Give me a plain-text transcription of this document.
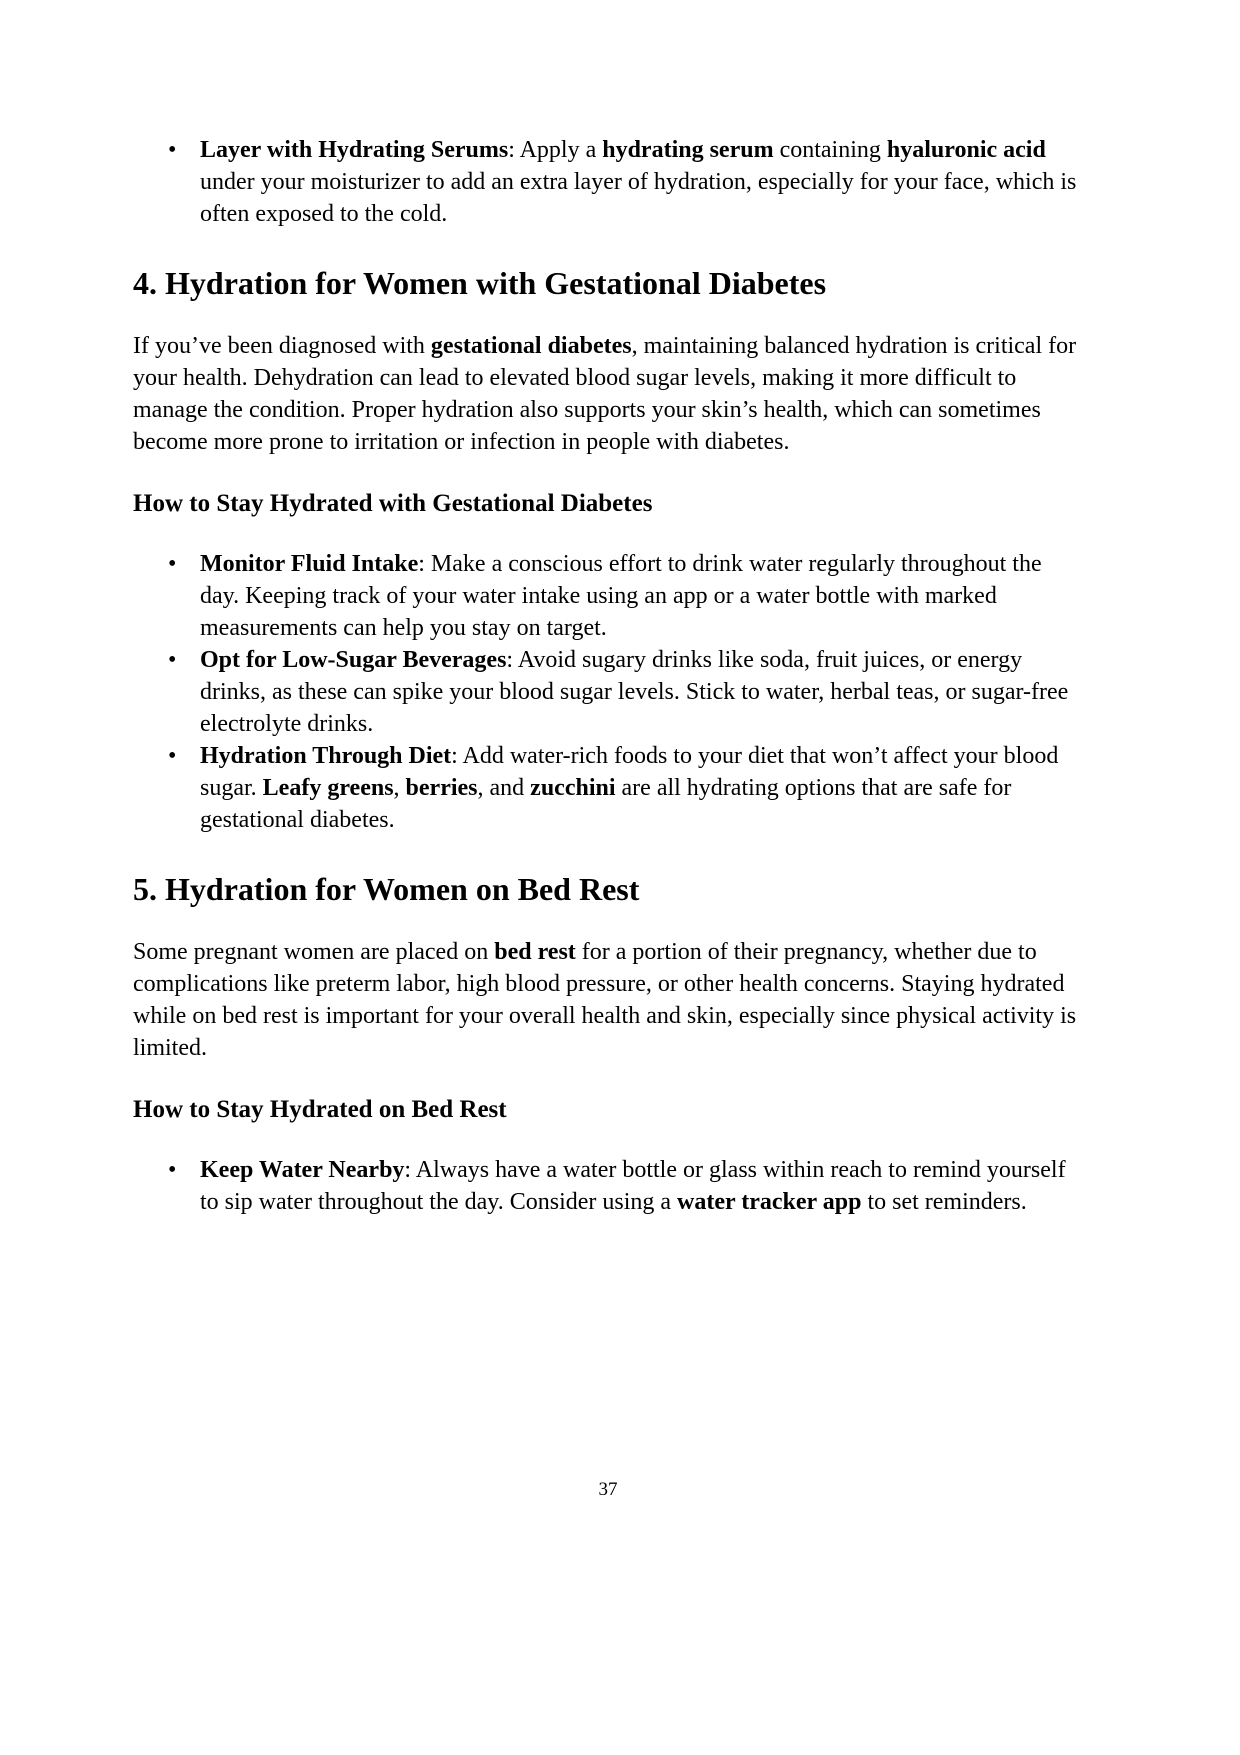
• Layer with Hydrating Serums: Apply a hydrating serum containing hyaluronic acid under your moisturizer to add an extra layer of hydration, especially for your face, which is often exposed to the cold.
4. Hydration for Women with Gestational Diabetes

If you’ve been diagnosed with gestational diabetes, maintaining balanced hydration is critical for your health. Dehydration can lead to elevated blood sugar levels, making it more difficult to manage the condition. Proper hydration also supports your skin’s health, which can sometimes become more prone to irritation or infection in people with diabetes.

How to Stay Hydrated with Gestational Diabetes
• Monitor Fluid Intake: Make a conscious effort to drink water regularly throughout the day. Keeping track of your water intake using an app or a water bottle with marked measurements can help you stay on target.
• Opt for Low-Sugar Beverages: Avoid sugary drinks like soda, fruit juices, or energy drinks, as these can spike your blood sugar levels. Stick to water, herbal teas, or sugar-free electrolyte drinks.
• Hydration Through Diet: Add water-rich foods to your diet that won’t affect your blood sugar. Leafy greens, berries, and zucchini are all hydrating options that are safe for gestational diabetes.
5. Hydration for Women on Bed Rest

Some pregnant women are placed on bed rest for a portion of their pregnancy, whether due to complications like preterm labor, high blood pressure, or other health concerns. Staying hydrated while on bed rest is important for your overall health and skin, especially since physical activity is limited.

How to Stay Hydrated on Bed Rest
• Keep Water Nearby: Always have a water bottle or glass within reach to remind yourself to sip water throughout the day. Consider using a water tracker app to set reminders.
37
